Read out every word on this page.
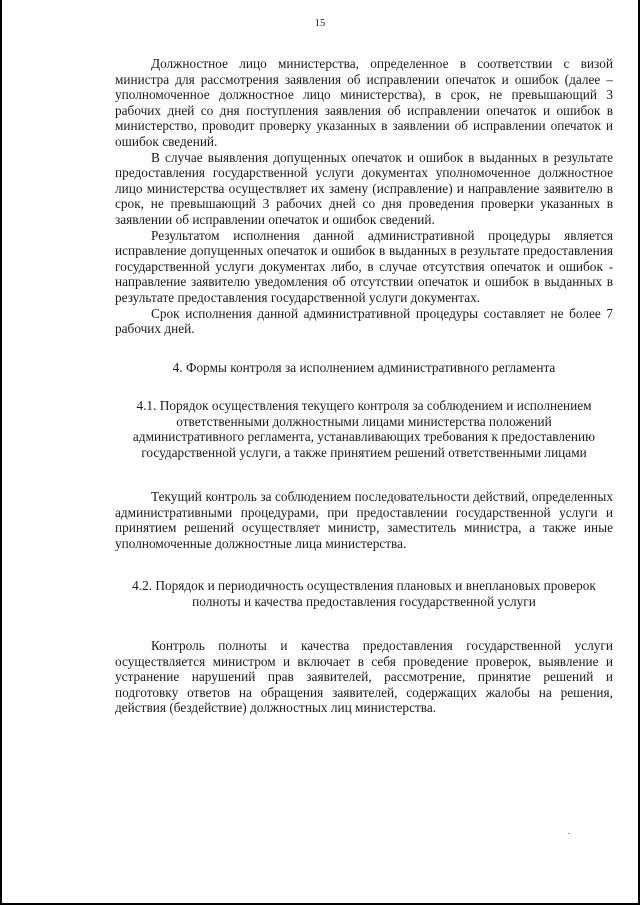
15

Должностное лицо министерства, определенное в соответствии с визой министра для рассмотрения заявления об исправлении опечаток и ошибок (далее – уполномоченное должностное лицо министерства), в срок, не превышающий 3 рабочих дней со дня поступления заявления об исправлении опечаток и ошибок в министерство, проводит проверку указанных в заявлении об исправлении опечаток и ошибок сведений.

В случае выявления допущенных опечаток и ошибок в выданных в результате предоставления государственной услуги документах уполномоченное должностное лицо министерства осуществляет их замену (исправление) и направление заявителю в срок, не превышающий 3 рабочих дней со дня проведения проверки указанных в заявлении об исправлении опечаток и ошибок сведений.

Результатом исполнения данной административной процедуры является исправление допущенных опечаток и ошибок в выданных в результате предоставления государственной услуги документах либо, в случае отсутствия опечаток и ошибок - направление заявителю уведомления об отсутствии опечаток и ошибок в выданных в результате предоставления государственной услуги документах.

Срок исполнения данной административной процедуры составляет не более 7 рабочих дней.

4. Формы контроля за исполнением административного регламента
4.1. Порядок осуществления текущего контроля за соблюдением и исполнением ответственными должностными лицами министерства положений административного регламента, устанавливающих требования к предоставлению государственной услуги, а также принятием решений ответственными лицами

Текущий контроль за соблюдением последовательности действий, определенных административными процедурами, при предоставлении государственной услуги и принятием решений осуществляет министр, заместитель министра, а также иные уполномоченные должностные лица министерства.

4.2. Порядок и периодичность осуществления плановых и внеплановых проверок полноты и качества предоставления государственной услуги

Контроль полноты и качества предоставления государственной услуги осуществляется министром и включает в себя проведение проверок, выявление и устранение нарушений прав заявителей, рассмотрение, принятие решений и подготовку ответов на обращения заявителей, содержащих жалобы на решения, действия (бездействие) должностных лиц министерства.
